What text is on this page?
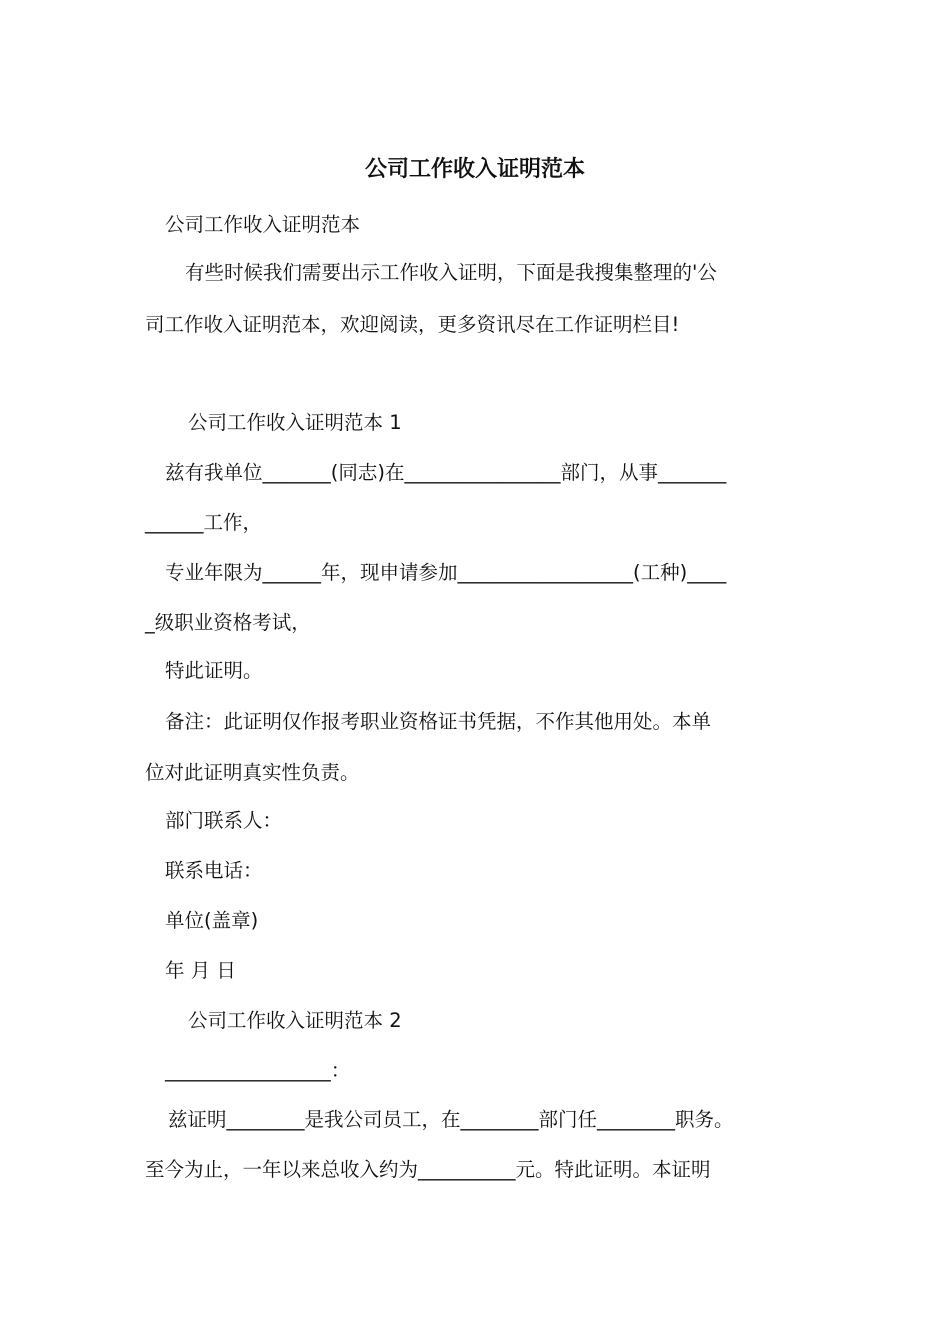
公司工作收入证明范本
公司工作收入证明范本
有些时候我们需要出示工作收入证明，下面是我搜集整理的'公
司工作收入证明范本，欢迎阅读，更多资讯尽在工作证明栏目!
公司工作收入证明范本 1
兹有我单位_______(同志)在________________部门，从事_______
______工作，
专业年限为______年，现申请参加__________________(工种)____
_级职业资格考试，
特此证明。
备注：此证明仅作报考职业资格证书凭据，不作其他用处。本单
位对此证明真实性负责。
部门联系人：
联系电话：
单位(盖章)
年 月 日
公司工作收入证明范本 2
_________________：
兹证明________是我公司员工，在________部门任________职务。
至今为止，一年以来总收入约为__________元。特此证明。本证明
